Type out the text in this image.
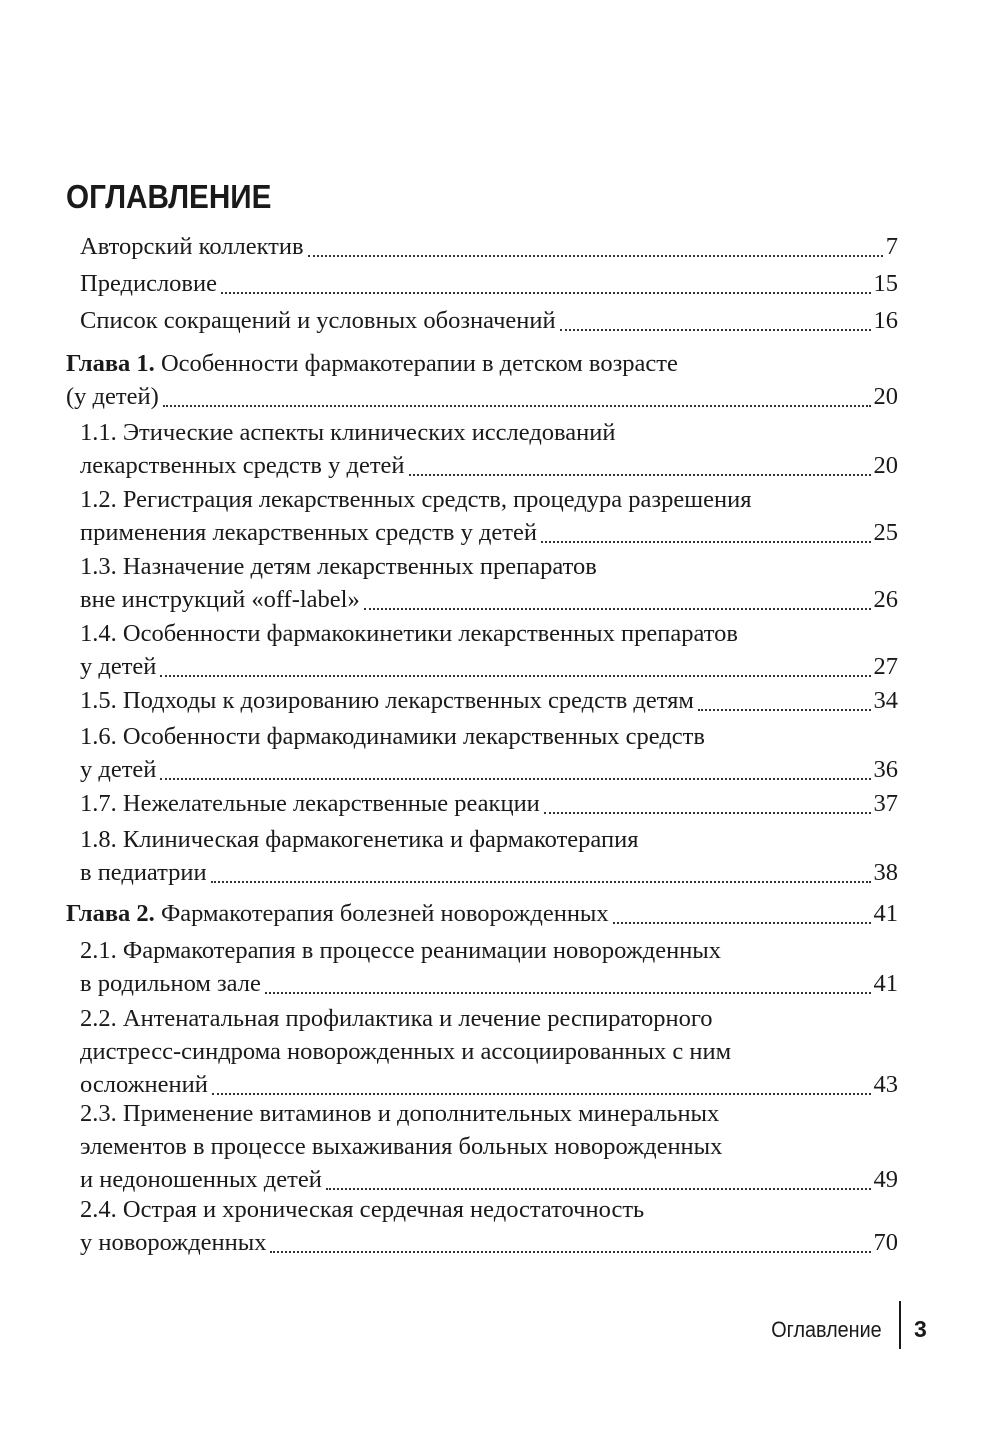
ОГЛАВЛЕНИЕ
Авторский коллектив	7
Предисловие	15
Список сокращений и условных обозначений	16
Глава 1. Особенности фармакотерапии в детском возрасте
(у детей)	20
1.1. Этические аспекты клинических исследований
лекарственных средств у детей	20
1.2. Регистрация лекарственных средств, процедура разрешения
применения лекарственных средств у детей	25
1.3. Назначение детям лекарственных препаратов
вне инструкций «off-label»	26
1.4. Особенности фармакокинетики лекарственных препаратов
у детей	27
1.5. Подходы к дозированию лекарственных средств детям	34
1.6. Особенности фармакодинамики лекарственных средств
у детей	36
1.7. Нежелательные лекарственные реакции	37
1.8. Клиническая фармакогенетика и фармакотерапия
в педиатрии	38
Глава 2. Фармакотерапия болезней новорожденных	41
2.1. Фармакотерапия в процессе реанимации новорожденных
в родильном зале	41
2.2. Антенатальная профилактика и лечение респираторного
дистресс-синдрома новорожденных и ассоциированных с ним
осложнений	43
2.3. Применение витаминов и дополнительных минеральных
элементов в процессе выхаживания больных новорожденных
и недоношенных детей	49
2.4. Острая и хроническая сердечная недостаточность
у новорожденных	70
Оглавление 3
